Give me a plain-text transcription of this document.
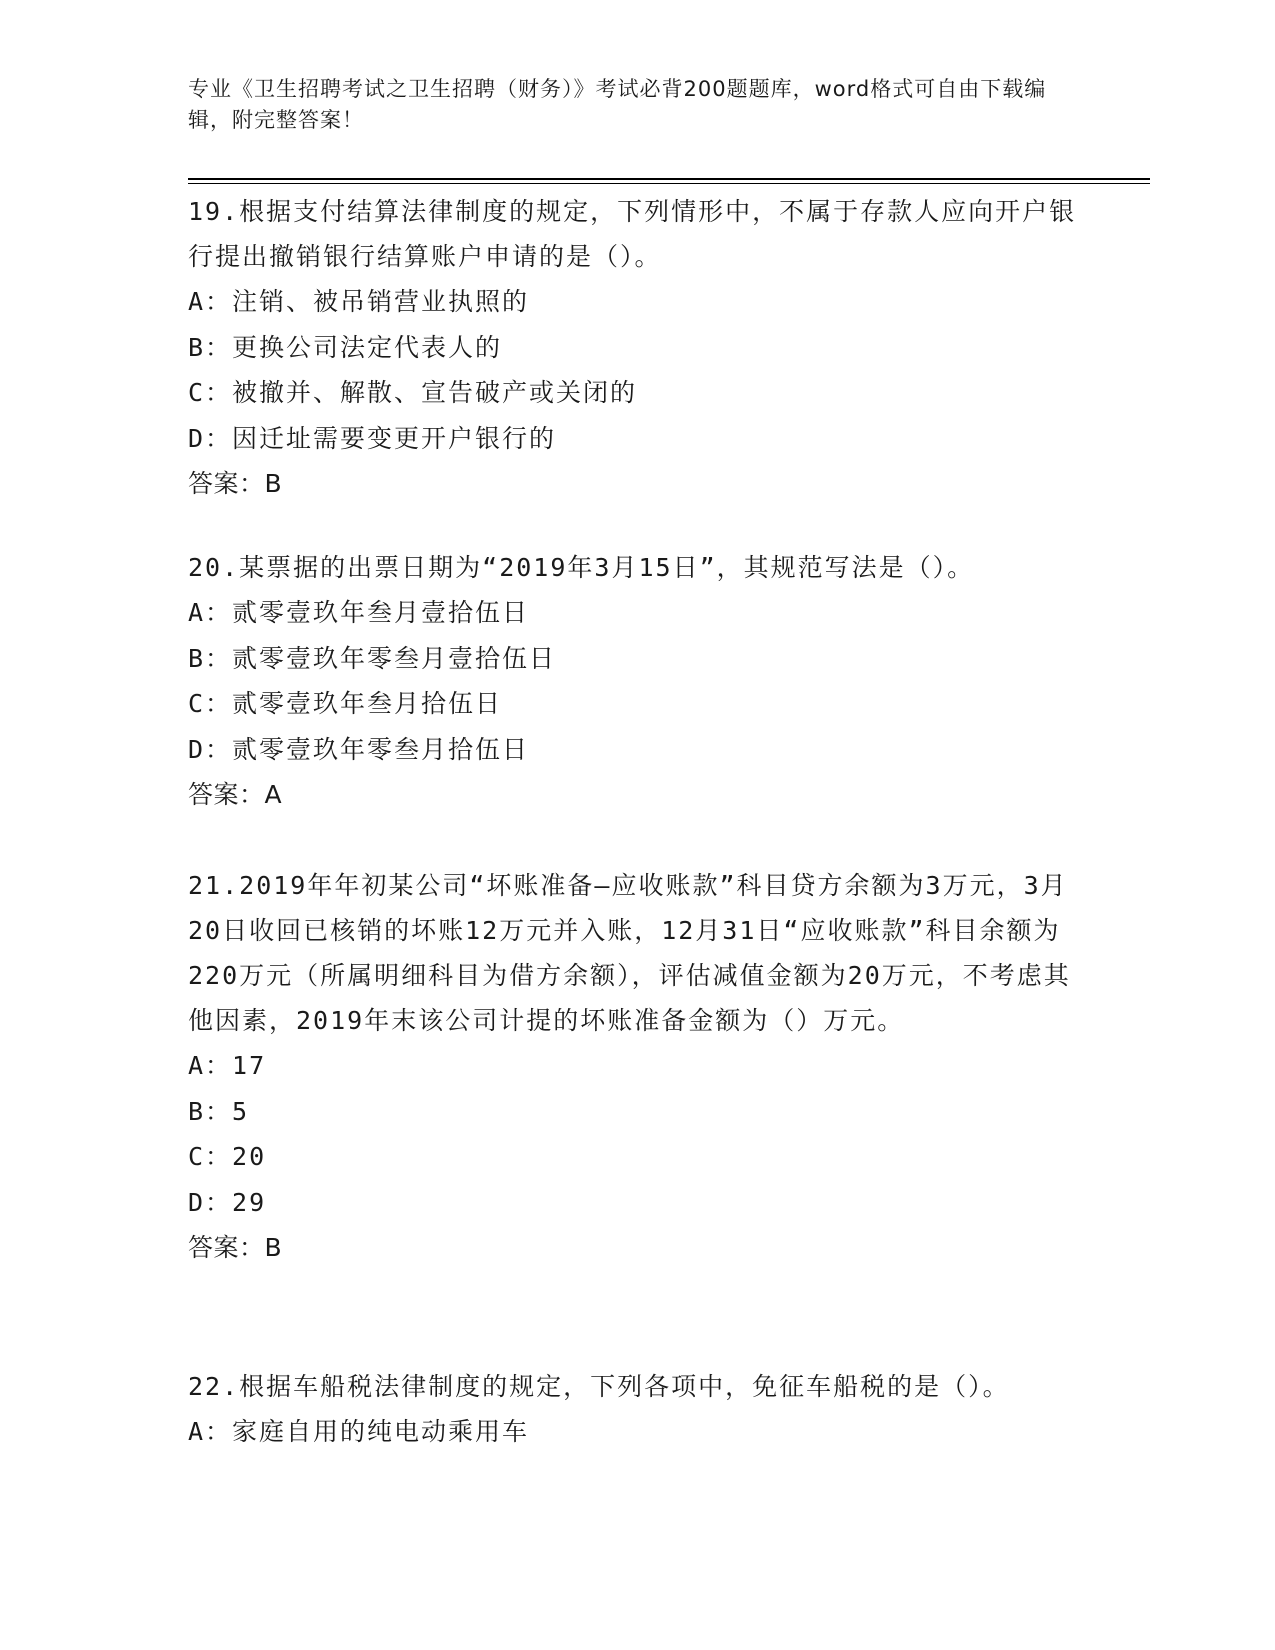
专业《卫生招聘考试之卫生招聘（财务）》考试必背200题题库，word格式可自由下载编辑，附完整答案！
19.根据支付结算法律制度的规定，下列情形中，不属于存款人应向开户银行提出撤销银行结算账户申请的是（）。
A：注销、被吊销营业执照的
B：更换公司法定代表人的
C：被撤并、解散、宣告破产或关闭的
D：因迁址需要变更开户银行的
答案：B
20.某票据的出票日期为“2019年3月15日”，其规范写法是（）。
A：贰零壹玖年叁月壹拾伍日
B：贰零壹玖年零叁月壹拾伍日
C：贰零壹玖年叁月拾伍日
D：贰零壹玖年零叁月拾伍日
答案：A
21.2019年年初某公司“坏账准备—应收账款”科目贷方余额为3万元，3月20日收回已核销的坏账12万元并入账，12月31日“应收账款”科目余额为220万元（所属明细科目为借方余额），评估减值金额为20万元，不考虑其他因素，2019年末该公司计提的坏账准备金额为（）万元。
A：17
B：5
C：20
D：29
答案：B
22.根据车船税法律制度的规定，下列各项中，免征车船税的是（）。
A：家庭自用的纯电动乘用车
